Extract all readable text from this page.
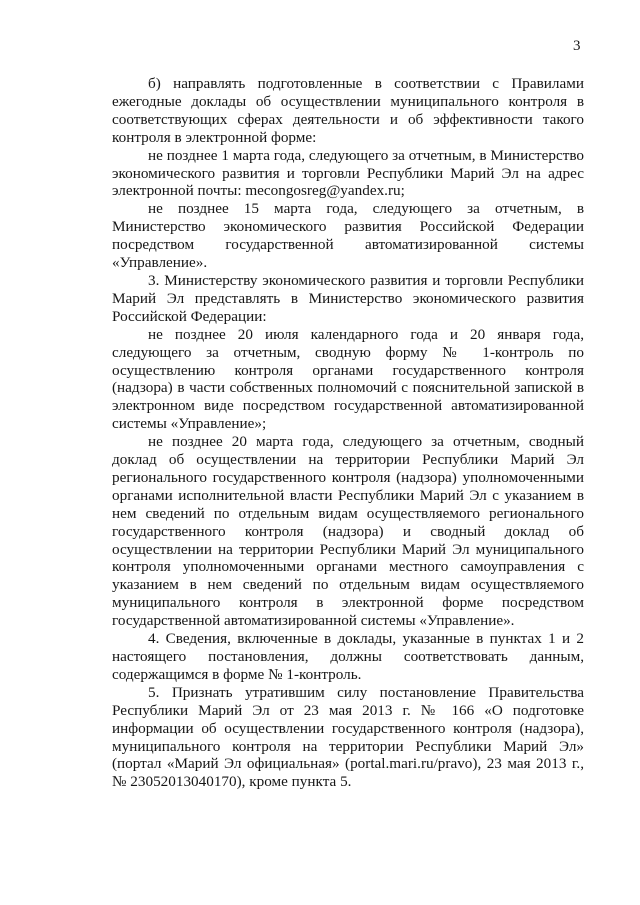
3

б) направлять подготовленные в соответствии с Правилами ежегодные доклады об осуществлении муниципального контроля в соответствующих сферах деятельности и об эффективности такого контроля в электронной форме:

не позднее 1 марта года, следующего за отчетным, в Министерство экономического развития и торговли Республики Марий Эл на адрес электронной почты: mecongosreg@yandex.ru;

не позднее 15 марта года, следующего за отчетным, в Министерство экономического развития Российской Федерации посредством государственной автоматизированной системы «Управление».

3. Министерству экономического развития и торговли Республики Марий Эл представлять в Министерство экономического развития Российской Федерации:

не позднее 20 июля календарного года и 20 января года, следующего за отчетным, сводную форму № 1-контроль по осуществлению контроля органами государственного контроля (надзора) в части собственных полномочий с пояснительной запиской в электронном виде посредством государственной автоматизированной системы «Управление»;

не позднее 20 марта года, следующего за отчетным, сводный доклад об осуществлении на территории Республики Марий Эл регионального государственного контроля (надзора) уполномоченными органами исполнительной власти Республики Марий Эл с указанием в нем сведений по отдельным видам осуществляемого регионального государственного контроля (надзора) и сводный доклад об осуществлении на территории Республики Марий Эл муниципального контроля уполномоченными органами местного самоуправления с указанием в нем сведений по отдельным видам осуществляемого муниципального контроля в электронной форме посредством государственной автоматизированной системы «Управление».

4. Сведения, включенные в доклады, указанные в пунктах 1 и 2 настоящего постановления, должны соответствовать данным, содержащимся в форме № 1-контроль.

5. Признать утратившим силу постановление Правительства Республики Марий Эл от 23 мая 2013 г. № 166 «О подготовке информации об осуществлении государственного контроля (надзора), муниципального контроля на территории Республики Марий Эл» (портал «Марий Эл официальная» (portal.mari.ru/pravo), 23 мая 2013 г., № 23052013040170), кроме пункта 5.
